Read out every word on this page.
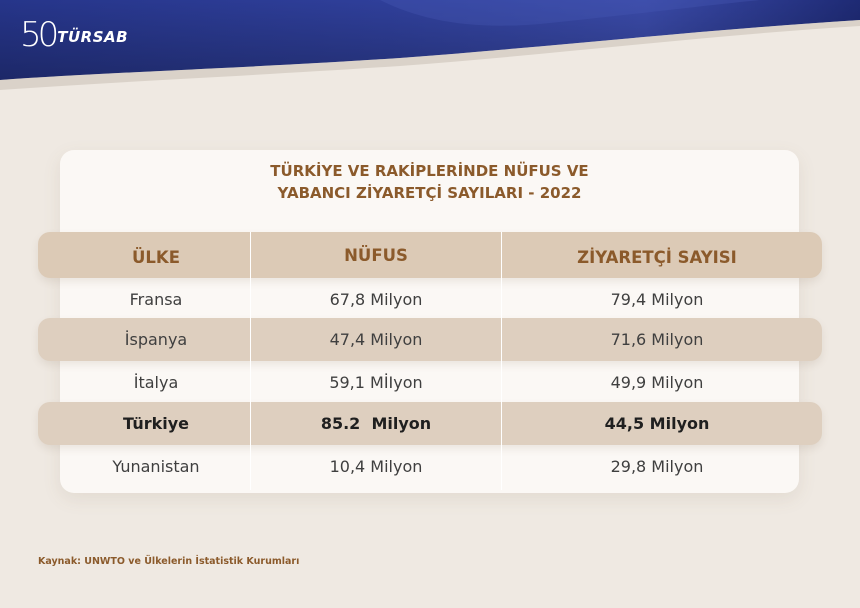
50 TÜRSAB
TÜRKİYE VE RAKİPLERİNDE NÜFUS VE
YABANCI ZİYARETÇİ SAYILARI - 2022
ÜLKE	NÜFUS	ZİYARETÇİ SAYISI
Fransa	67,8 Milyon	79,4 Milyon
İspanya	47,4 Milyon	71,6 Milyon
İtalya	59,1 MİIyon	49,9 Milyon
Türkiye	85.2  Milyon	44,5 Milyon
Yunanistan	10,4 Milyon	29,8 Milyon
Kaynak: UNWTO ve Ülkelerin İstatistik Kurumları
